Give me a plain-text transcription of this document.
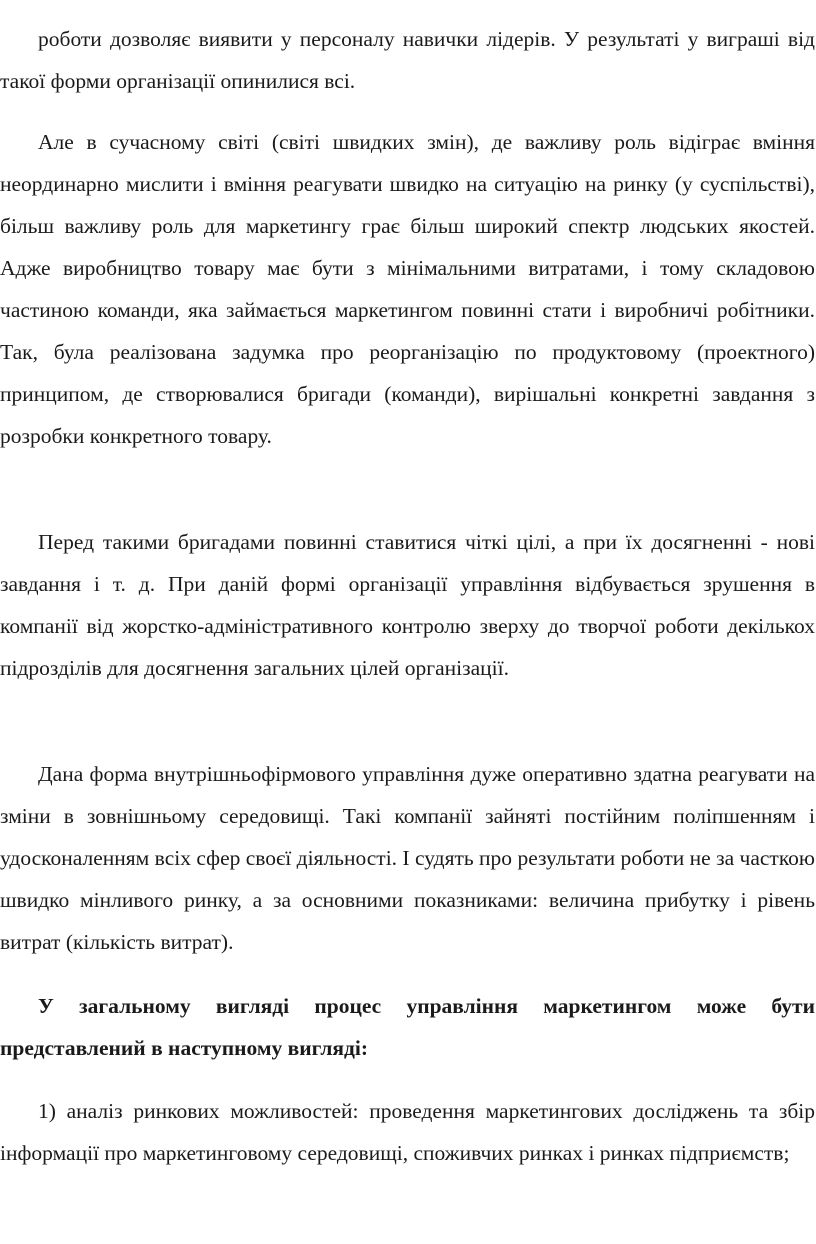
роботи дозволяє виявити у персоналу навички лідерів. У результаті у виграші від такої форми організації опинилися всі.

Але в сучасному світі (світі швидких змін), де важливу роль відіграє вміння неординарно мислити і вміння реагувати швидко на ситуацію на ринку (у суспільстві), більш важливу роль для маркетингу грає більш широкий спектр людських якостей. Адже виробництво товару має бути з мінімальними витратами, і тому складовою частиною команди, яка займається маркетингом повинні стати і виробничі робітники. Так, була реалізована задумка про реорганізацію по продуктовому (проектного) принципом, де створювалися бригади (команди), вирішальні конкретні завдання з розробки конкретного товару.

Перед такими бригадами повинні ставитися чіткі цілі, а при їх досягненні - нові завдання і т. д. При даній формі організації управління відбувається зрушення в компанії від жорстко-адміністративного контролю зверху до творчої роботи декількох підрозділів для досягнення загальних цілей організації.

Дана форма внутрішньофірмового управління дуже оперативно здатна реагувати на зміни в зовнішньому середовищі. Такі компанії зайняті постійним поліпшенням і удосконаленням всіх сфер своєї діяльності. І судять про результати роботи не за часткою швидко мінливого ринку, а за основними показниками: величина прибутку і рівень витрат (кількість витрат).

У загальному вигляді процес управління маркетингом може бути представлений в наступному вигляді:

1) аналіз ринкових можливостей: проведення маркетингових досліджень та збір інформації про маркетинговому середовищі, споживчих ринках і ринках підприємств;
